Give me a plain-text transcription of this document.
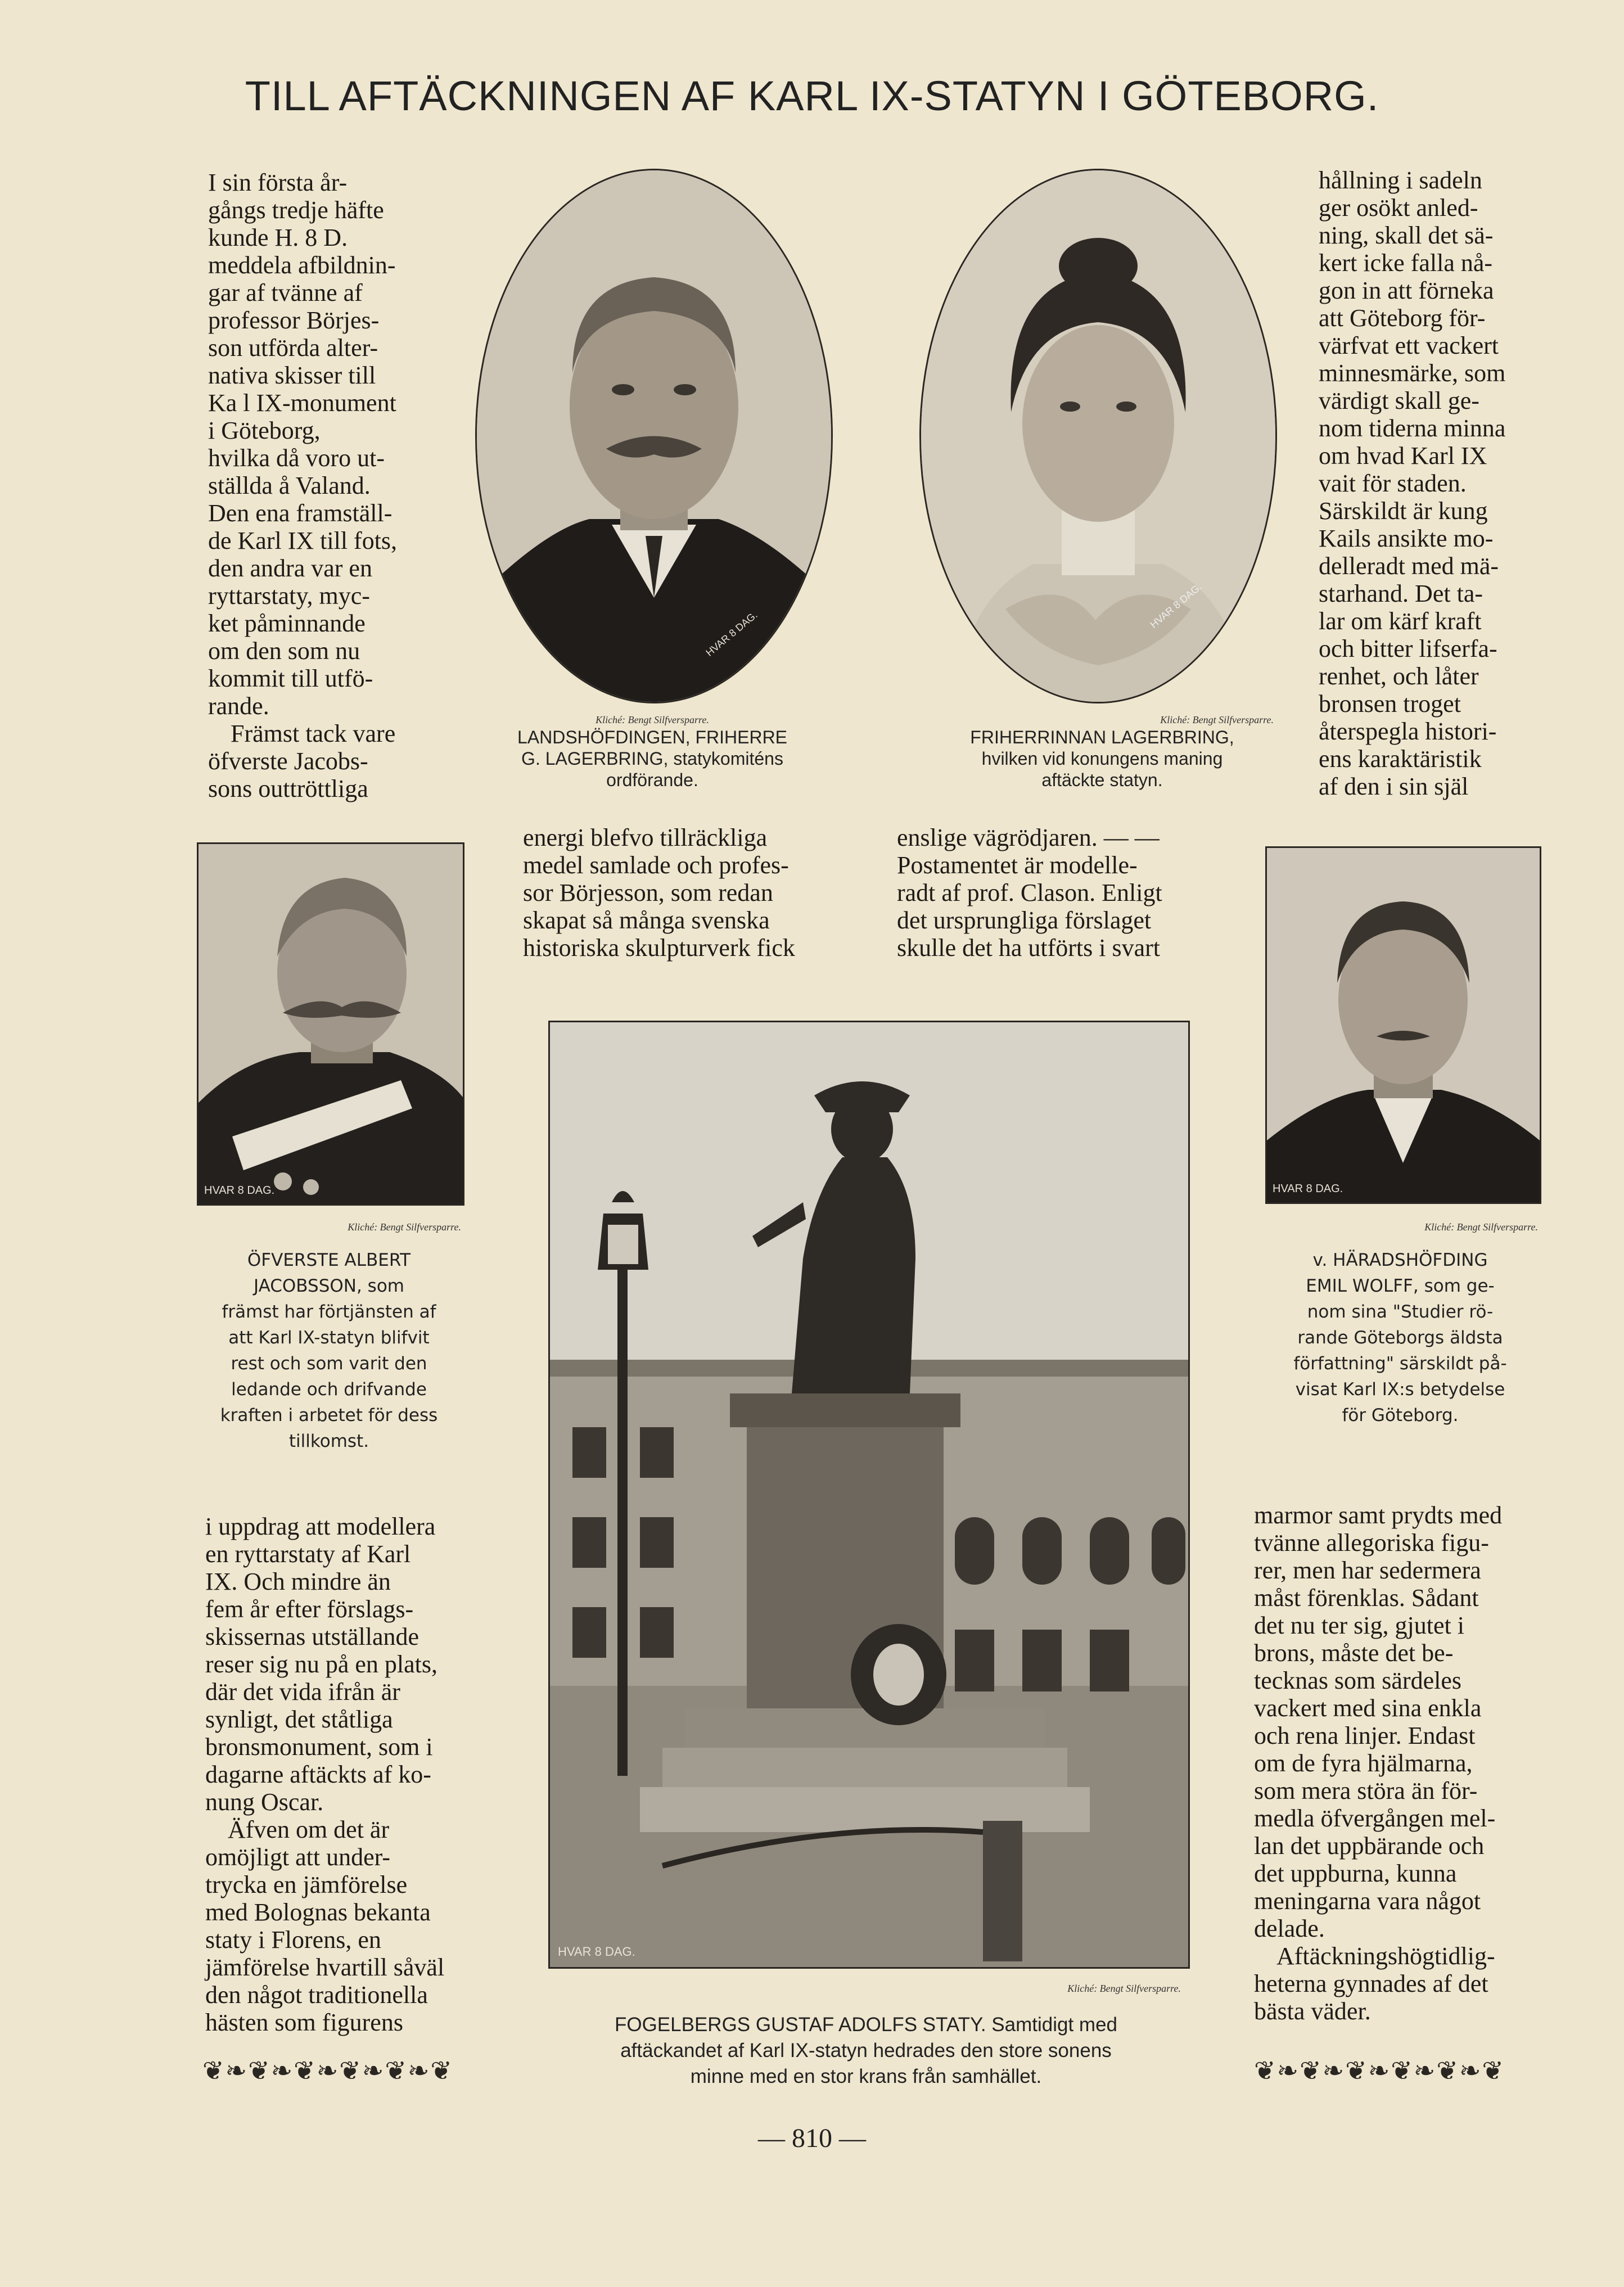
TILL AFTÄCKNINGEN AF KARL IX-STATYN I GÖTEBORG.

I sin första år-
gångs tredje häfte
kunde H. 8 D.
meddela afbildnin-
gar af tvänne af
professor Börjes-
son utförda alter-
nativa skisser till
Ka l IX-monument
i Göteborg,
hvilka då voro ut-
ställda å Valand.
Den ena framställ-
de Karl IX till fots,
den andra var en
ryttarstaty, myc-
ket påminnande
om den som nu
kommit till utfö-
rande.

Främst tack vare
öfverste Jacobs-
sons outtröttliga

HVAR 8 DAG.
Kliché: Bengt Silfversparre.
LANDSHÖFDINGEN, FRIHERRE
G. LAGERBRING, statykomiténs
ordförande.
HVAR 8 DAG.
Kliché: Bengt Silfversparre.
FRIHERRINNAN LAGERBRING,
hvilken vid konungens maning
aftäckte statyn.

hållning i sadeln
ger osökt anled-
ning, skall det sä-
kert icke falla nå-
gon in att förneka
att Göteborg för-
värfvat ett vackert
minnesmärke, som
värdigt skall ge-
nom tiderna minna
om hvad Karl IX
vait för staden.
Särskildt är kung
Kails ansikte mo-
delleradt med mä-
starhand. Det ta-
lar om kärf kraft
och bitter lifserfa-
renhet, och låter
bronsen troget
återspegla histori-
ens karaktäristik
af den i sin själ

energi blefvo tillräckliga
medel samlade och profes-
sor Börjesson, som redan
skapat så många svenska
historiska skulpturverk fick

enslige vägrödjaren. — —
Postamentet är modelle-
radt af prof. Clason. Enligt
det ursprungliga förslaget
skulle det ha utförts i svart

HVAR 8 DAG.
Kliché: Bengt Silfversparre.
ÖFVERSTE ALBERT
JACOBSSON, som
främst har förtjänsten af
att Karl IX-statyn blifvit
rest och som varit den
ledande och drifvande
kraften i arbetet för dess
tillkomst.
HVAR 8 DAG.
Kliché: Bengt Silfversparre.
v. HÄRADSHÖFDING
EMIL WOLFF, som ge-
nom sina "Studier rö-
rande Göteborgs äldsta
författning" särskildt på-
visat Karl IX:s betydelse
för Göteborg.
HVAR 8 DAG.
Kliché: Bengt Silfversparre.
FOGELBERGS GUSTAF ADOLFS STATY. Samtidigt med
aftäckandet af Karl IX-statyn hedrades den store sonens
minne med en stor krans från samhället.

i uppdrag att modellera
en ryttarstaty af Karl
IX. Och mindre än
fem år efter förslags-
skissernas utställande
reser sig nu på en plats,
där det vida ifrån är
synligt, det ståtliga
bronsmonument, som i
dagarne aftäckts af ko-
nung Oscar.

Äfven om det är
omöjligt att under-
trycka en jämförelse
med Bolognas bekanta
staty i Florens, en
jämförelse hvartill såväl
den något traditionella
hästen som figurens

marmor samt prydts med
tvänne allegoriska figu-
rer, men har sedermera
måst förenklas. Sådant
det nu ter sig, gjutet i
brons, måste det be-
tecknas som särdeles
vackert med sina enkla
och rena linjer. Endast
om de fyra hjälmarna,
som mera störa än för-
medla öfvergången mel-
lan det uppbärande och
det uppburna, kunna
meningarna vara något
delade.

Aftäckningshögtidlig-
heterna gynnades af det
bästa väder.

❦❧❦❧❦❧❦❧❦❧❦	❦❧❦❧❦❧❦❧❦❧❦
— 810 —
